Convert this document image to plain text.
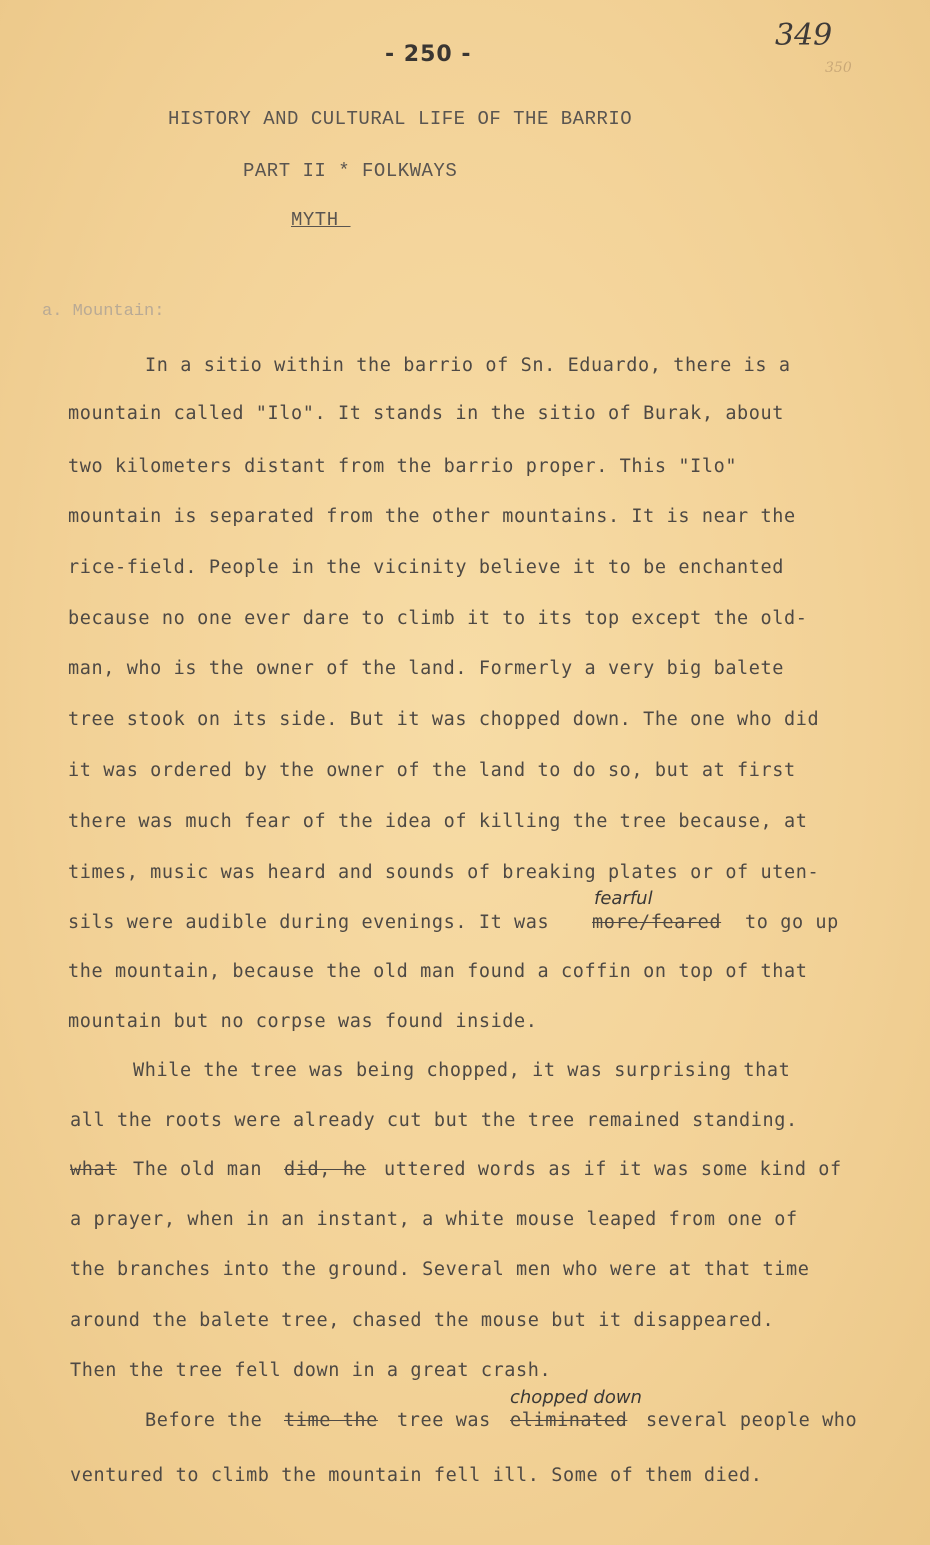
- 250 -
349
350
HISTORY AND CULTURAL LIFE OF THE BARRIO
PART II * FOLKWAYS
MYTH_
a. Mountain:
In a sitio within the barrio of Sn. Eduardo, there is a
mountain called "Ilo". It stands in the sitio of Burak, about
two kilometers distant from the barrio proper. This "Ilo"
mountain is separated from the other mountains. It is near the
rice-field. People in the vicinity believe it to be enchanted
because no one ever dare to climb it to its top except the old-
man, who is the owner of the land. Formerly a very big balete
tree stook on its side. But it was chopped down. The one who did
it was ordered by the owner of the land to do so, but at first
there was much fear of the idea of killing the tree because, at
times, music was heard and sounds of breaking plates or of uten-
sils were audible during evenings. It was more/feared to go up
fearful
the mountain, because the old man found a coffin on top of that
mountain but no corpse was found inside.
While the tree was being chopped, it was surprising that
all the roots were already cut but the tree remained standing.
what The old man did, he uttered words as if it was some kind of
a prayer, when in an instant, a white mouse leaped from one of
the branches into the ground. Several men who were at that time
around the balete tree, chased the mouse but it disappeared.
Then the tree fell down in a great crash.
Before the time the tree was eliminated several people who
chopped down
ventured to climb the mountain fell ill. Some of them died.
